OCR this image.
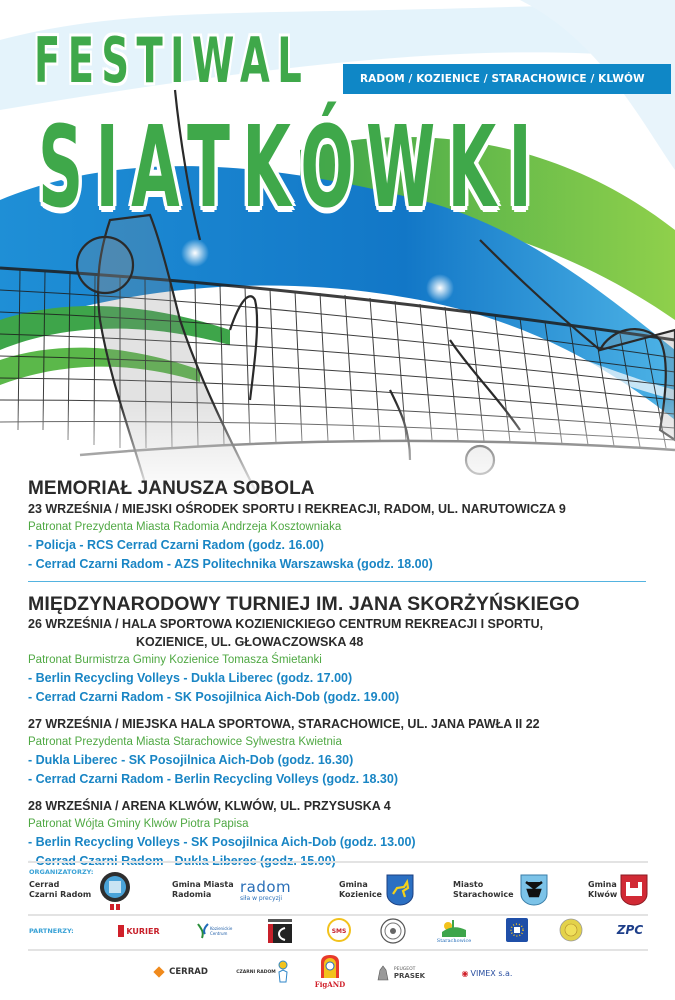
FESTIWAL
SIATKÓWKI
RADOM / KOZIENICE / STARACHOWICE / KLWÓW
MEMORIAŁ JANUSZA SOBOLA
23 WRZEŚNIA / MIEJSKI OŚRODEK SPORTU I REKREACJI, RADOM, UL. NARUTOWICZA 9
Patronat Prezydenta Miasta Radomia Andrzeja Kosztowniaka
- Policja - RCS Cerrad Czarni Radom (godz. 16.00)
- Cerrad Czarni Radom - AZS Politechnika Warszawska (godz. 18.00)
MIĘDZYNARODOWY TURNIEJ IM. JANA SKORŻYŃSKIEGO
26 WRZEŚNIA / HALA SPORTOWA KOZIENICKIEGO CENTRUM REKREACJI I SPORTU,
KOZIENICE, UL. GŁOWACZOWSKA 48
Patronat Burmistrza Gminy Kozienice Tomasza Śmietanki
- Berlin Recycling Volleys - Dukla Liberec (godz. 17.00)
- Cerrad Czarni Radom - SK Posojilnica Aich-Dob (godz. 19.00)
27 WRZEŚNIA / MIEJSKA HALA SPORTOWA, STARACHOWICE, UL. JANA PAWŁA II 22
Patronat Prezydenta Miasta Starachowice Sylwestra Kwietnia
- Dukla Liberec - SK Posojilnica Aich-Dob (godz. 16.30)
- Cerrad Czarni Radom - Berlin Recycling Volleys (godz. 18.30)
28 WRZEŚNIA / ARENA KLWÓW, KLWÓW, UL. PRZYSUSKA 4
Patronat Wójta Gminy Klwów Piotra Papisa
- Berlin Recycling Volleys - SK Posojilnica Aich-Dob (godz. 13.00)
ORGANIZATORZY:
Cerrad
Czarni Radom
Gmina Miasta
Radomia	radom
siła w precyzji
Gmina
Kozienice
Miasto
Starachowice
Gmina
Klwów
PARTNERZY:	KURIER	Kozienickie Centrum	SMS
Starachowice
ZPC
CERRAD	CZARNI RADOM
FigAND
PEUGEOT
PRASEK	◉ VIMEX s.a.
